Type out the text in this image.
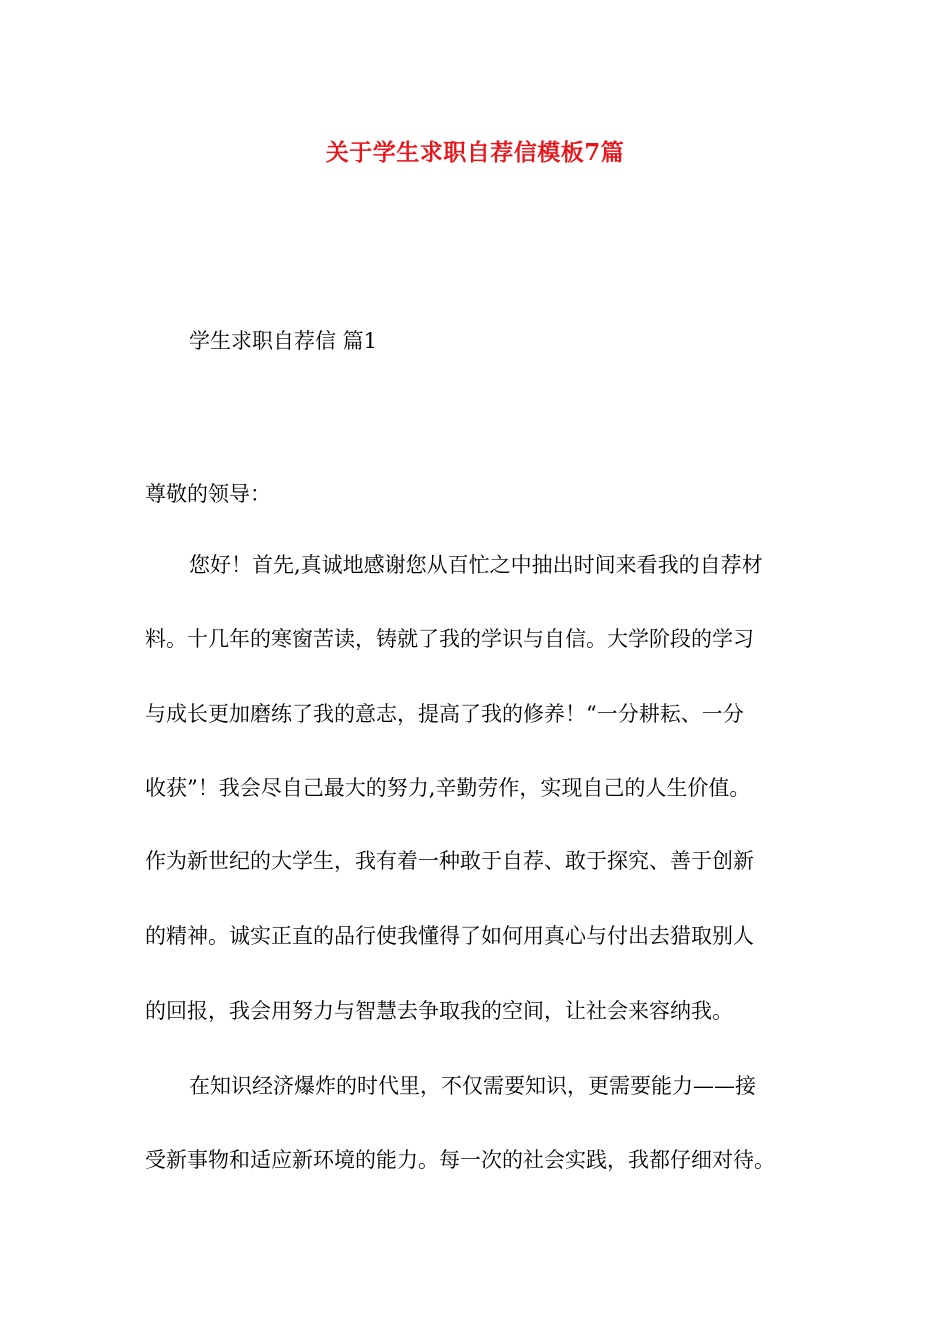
关于学生求职自荐信模板7篇
学生求职自荐信 篇1
尊敬的领导：
您好！首先,真诚地感谢您从百忙之中抽出时间来看我的自荐材
料。十几年的寒窗苦读，铸就了我的学识与自信。大学阶段的学习
与成长更加磨练了我的意志，提高了我的修养！“一分耕耘、一分
收获”！我会尽自己最大的努力,辛勤劳作，实现自己的人生价值。
作为新世纪的大学生，我有着一种敢于自荐、敢于探究、善于创新
的精神。诚实正直的品行使我懂得了如何用真心与付出去猎取别人
的回报，我会用努力与智慧去争取我的空间，让社会来容纳我。
在知识经济爆炸的时代里，不仅需要知识，更需要能力——接
受新事物和适应新环境的能力。每一次的社会实践，我都仔细对待。
